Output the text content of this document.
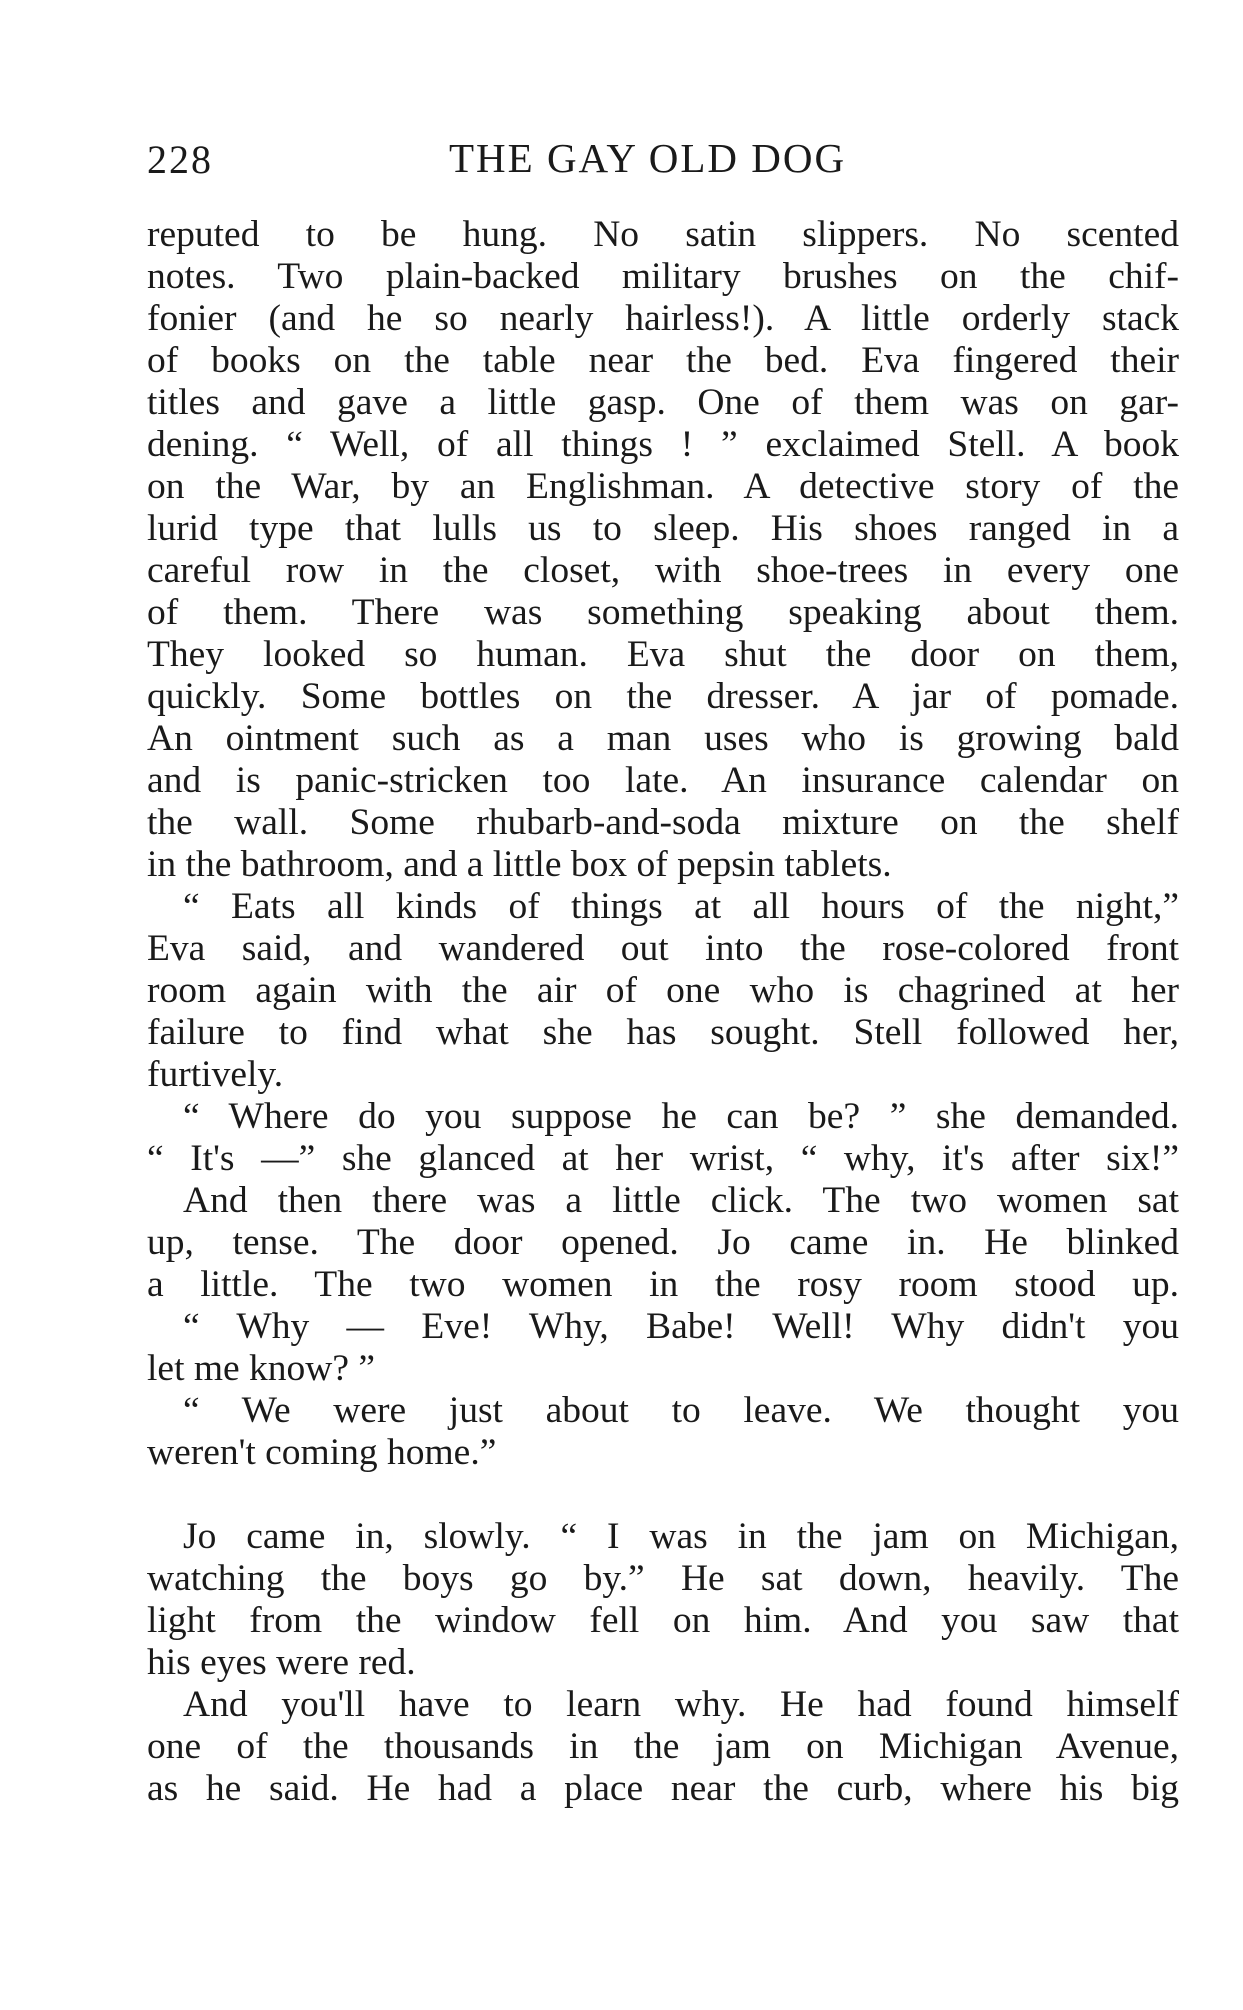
228	THE GAY OLD DOG
reputed to be hung. No satin slippers. No scented
notes. Two plain-backed military brushes on the chif-
fonier (and he so nearly hairless!). A little orderly stack
of books on the table near the bed. Eva fingered their
titles and gave a little gasp. One of them was on gar-
dening. “ Well, of all things ! ” exclaimed Stell. A book
on the War, by an Englishman. A detective story of the
lurid type that lulls us to sleep. His shoes ranged in a
careful row in the closet, with shoe-trees in every one
of them. There was something speaking about them.
They looked so human. Eva shut the door on them,
quickly. Some bottles on the dresser. A jar of pomade.
An ointment such as a man uses who is growing bald
and is panic-stricken too late. An insurance calendar on
the wall. Some rhubarb-and-soda mixture on the shelf
in the bathroom, and a little box of pepsin tablets.
“ Eats all kinds of things at all hours of the night,”
Eva said, and wandered out into the rose-colored front
room again with the air of one who is chagrined at her
failure to find what she has sought. Stell followed her,
furtively.
“ Where do you suppose he can be? ” she demanded.
“ It's —” she glanced at her wrist, “ why, it's after six!”
And then there was a little click. The two women sat
up, tense. The door opened. Jo came in. He blinked
a little. The two women in the rosy room stood up.
“ Why — Eve! Why, Babe! Well! Why didn't you
let me know? ”
“ We were just about to leave. We thought you
weren't coming home.”
Jo came in, slowly. “ I was in the jam on Michigan,
watching the boys go by.” He sat down, heavily. The
light from the window fell on him. And you saw that
his eyes were red.
And you'll have to learn why. He had found himself
one of the thousands in the jam on Michigan Avenue,
as he said. He had a place near the curb, where his big
